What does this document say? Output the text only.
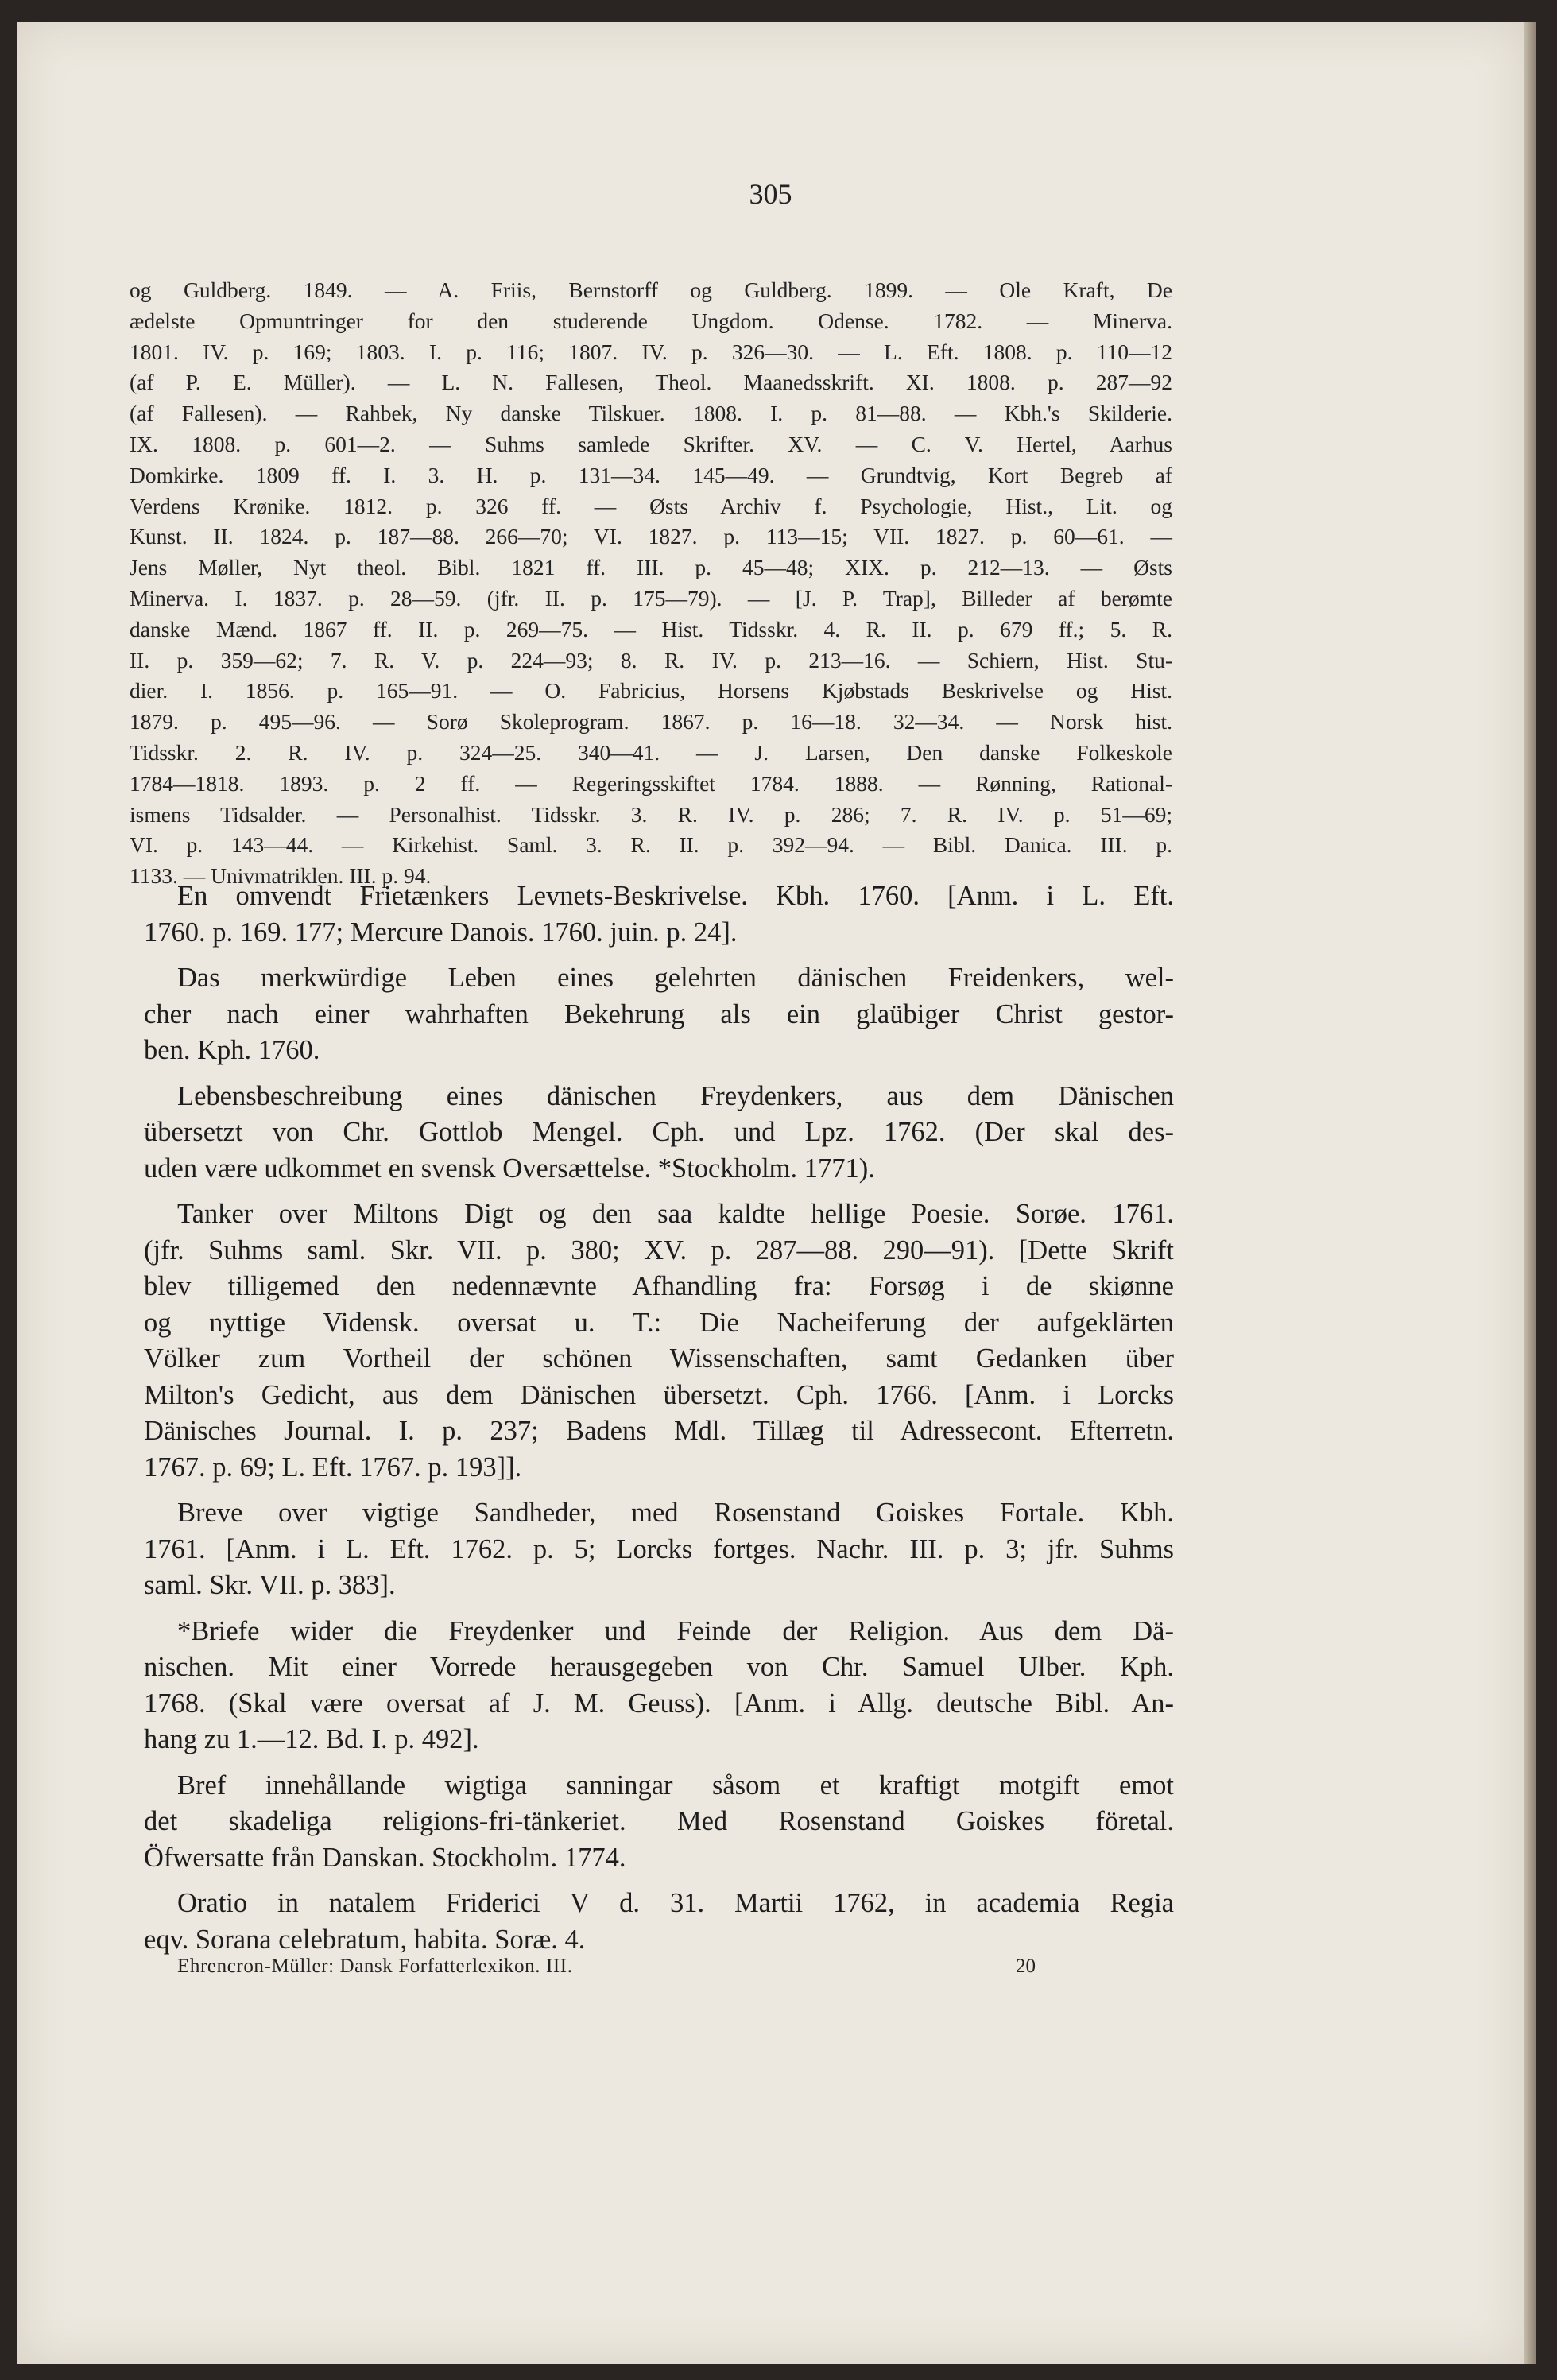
305
og Guldberg. 1849. — A. Friis, Bernstorff og Guldberg. 1899. — Ole Kraft, De
ædelste Opmuntringer for den studerende Ungdom. Odense. 1782. — Minerva.
1801. IV. p. 169; 1803. I. p. 116; 1807. IV. p. 326—30. — L. Eft. 1808. p. 110—12
(af P. E. Müller). — L. N. Fallesen, Theol. Maanedsskrift. XI. 1808. p. 287—92
(af Fallesen). — Rahbek, Ny danske Tilskuer. 1808. I. p. 81—88. — Kbh.'s Skilderie.
IX. 1808. p. 601—2. — Suhms samlede Skrifter. XV. — C. V. Hertel, Aarhus
Domkirke. 1809 ff. I. 3. H. p. 131—34. 145—49. — Grundtvig, Kort Begreb af
Verdens Krønike. 1812. p. 326 ff. — Østs Archiv f. Psychologie, Hist., Lit. og
Kunst. II. 1824. p. 187—88. 266—70; VI. 1827. p. 113—15; VII. 1827. p. 60—61. —
Jens Møller, Nyt theol. Bibl. 1821 ff. III. p. 45—48; XIX. p. 212—13. — Østs
Minerva. I. 1837. p. 28—59. (jfr. II. p. 175—79). — [J. P. Trap], Billeder af berømte
danske Mænd. 1867 ff. II. p. 269—75. — Hist. Tidsskr. 4. R. II. p. 679 ff.; 5. R.
II. p. 359—62; 7. R. V. p. 224—93; 8. R. IV. p. 213—16. — Schiern, Hist. Stu-
dier. I. 1856. p. 165—91. — O. Fabricius, Horsens Kjøbstads Beskrivelse og Hist.
1879. p. 495—96. — Sorø Skoleprogram. 1867. p. 16—18. 32—34. — Norsk hist.
Tidsskr. 2. R. IV. p. 324—25. 340—41. — J. Larsen, Den danske Folkeskole
1784—1818. 1893. p. 2 ff. — Regeringsskiftet 1784. 1888. — Rønning, Rational-
ismens Tidsalder. — Personalhist. Tidsskr. 3. R. IV. p. 286; 7. R. IV. p. 51—69;
VI. p. 143—44. — Kirkehist. Saml. 3. R. II. p. 392—94. — Bibl. Danica. III. p.
1133. — Univmatriklen. III. p. 94.
En omvendt Frietænkers Levnets-Beskrivelse. Kbh. 1760. [Anm. i L. Eft.
1760. p. 169. 177; Mercure Danois. 1760. juin. p. 24].
Das merkwürdige Leben eines gelehrten dänischen Freidenkers, wel-
cher nach einer wahrhaften Bekehrung als ein glaübiger Christ gestor-
ben. Kph. 1760.
Lebensbeschreibung eines dänischen Freydenkers, aus dem Dänischen
übersetzt von Chr. Gottlob Mengel. Cph. und Lpz. 1762. (Der skal des-
uden være udkommet en svensk Oversættelse. *Stockholm. 1771).
Tanker over Miltons Digt og den saa kaldte hellige Poesie. Sorøe. 1761.
(jfr. Suhms saml. Skr. VII. p. 380; XV. p. 287—88. 290—91). [Dette Skrift
blev tilligemed den nedennævnte Afhandling fra: Forsøg i de skiønne
og nyttige Vidensk. oversat u. T.: Die Nacheiferung der aufgeklärten
Völker zum Vortheil der schönen Wissenschaften, samt Gedanken über
Milton's Gedicht, aus dem Dänischen übersetzt. Cph. 1766. [Anm. i Lorcks
Dänisches Journal. I. p. 237; Badens Mdl. Tillæg til Adressecont. Efterretn.
1767. p. 69; L. Eft. 1767. p. 193]].
Breve over vigtige Sandheder, med Rosenstand Goiskes Fortale. Kbh.
1761. [Anm. i L. Eft. 1762. p. 5; Lorcks fortges. Nachr. III. p. 3; jfr. Suhms
saml. Skr. VII. p. 383].
*Briefe wider die Freydenker und Feinde der Religion. Aus dem Dä-
nischen. Mit einer Vorrede herausgegeben von Chr. Samuel Ulber. Kph.
1768. (Skal være oversat af J. M. Geuss). [Anm. i Allg. deutsche Bibl. An-
hang zu 1.—12. Bd. I. p. 492].
Bref innehållande wigtiga sanningar såsom et kraftigt motgift emot
det skadeliga religions-fri-tänkeriet. Med Rosenstand Goiskes företal.
Öfwersatte från Danskan. Stockholm. 1774.
Oratio in natalem Friderici V d. 31. Martii 1762, in academia Regia
eqv. Sorana celebratum, habita. Soræ. 4.
Ehrencron-Müller: Dansk Forfatterlexikon. III.	20
